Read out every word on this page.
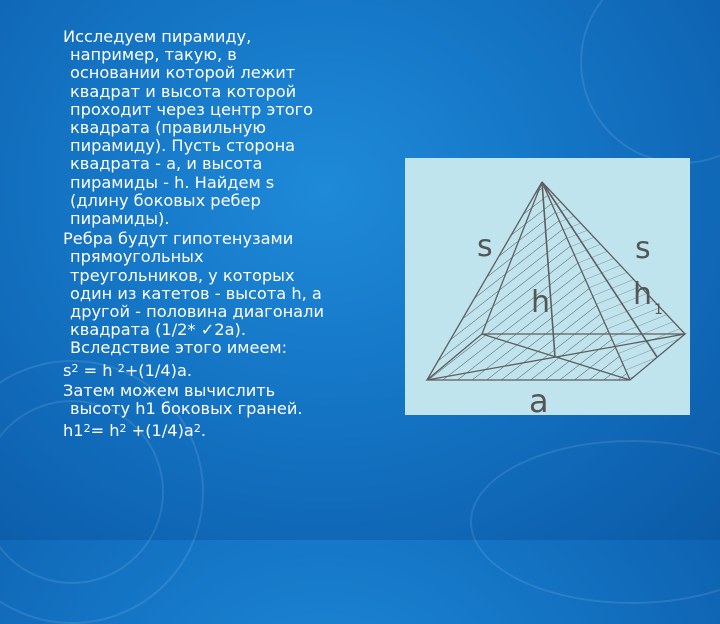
Исследуем пирамиду,
например, такую, в
основании которой лежит
квадрат и высота которой
проходит через центр этого
квадрата (правильную
пирамиду). Пусть сторона
квадрата - а, и высота
пирамиды - h. Найдем s
(длину боковых ребер
пирамиды).
Ребра будут гипотенузами
прямоугольных
треугольников, у которых
один из катетов - высота h, а
другой - половина диагонали
квадрата (1/2* ✓2a).
Вследствие этого имеем:
$s^2 = h$ $^2$+(1/4)a.
Затем можем вычислить
высоту h1 боковых граней.
$h1^2= h^2 +(1/4)a^2$.
s	s
h	h 1
a
